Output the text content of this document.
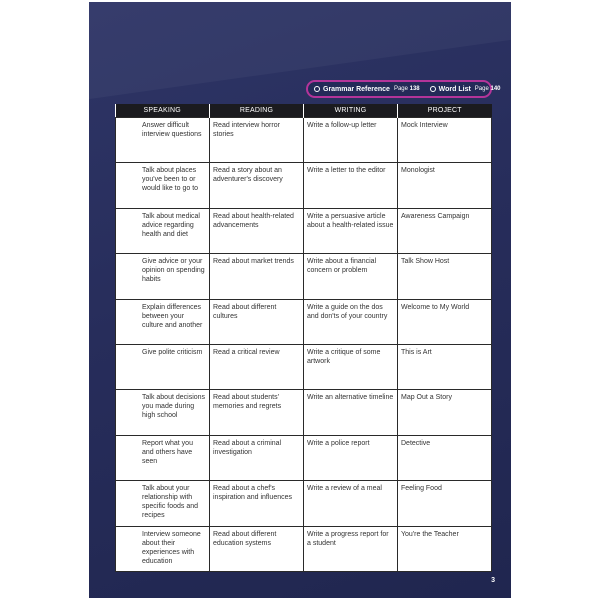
Grammar Reference Page 138	Word List Page 140
SPEAKING	READING	WRITING	PROJECT
Answer difficult interview questions	Read interview horror stories	Write a follow-up letter	Mock Interview
Talk about places you've been to or would like to go to	Read a story about an adventurer's discovery	Write a letter to the editor	Monologist
Talk about medical advice regarding health and diet	Read about health-related advancements	Write a persuasive article about a health-related issue	Awareness Campaign
Give advice or your opinion on spending habits	Read about market trends	Write about a financial concern or problem	Talk Show Host
Explain differences between your culture and another	Read about different cultures	Write a guide on the dos and don'ts of your country	Welcome to My World
Give polite criticism	Read a critical review	Write a critique of some artwork	This is Art
Talk about decisions you made during high school	Read about students' memories and regrets	Write an alternative timeline	Map Out a Story
Report what you and others have seen	Read about a criminal investigation	Write a police report	Detective
Talk about your relationship with specific foods and recipes	Read about a chef's inspiration and influences	Write a review of a meal	Feeling Food
Interview someone about their experiences with education	Read about different education systems	Write a progress report for a student	You're the Teacher
3
